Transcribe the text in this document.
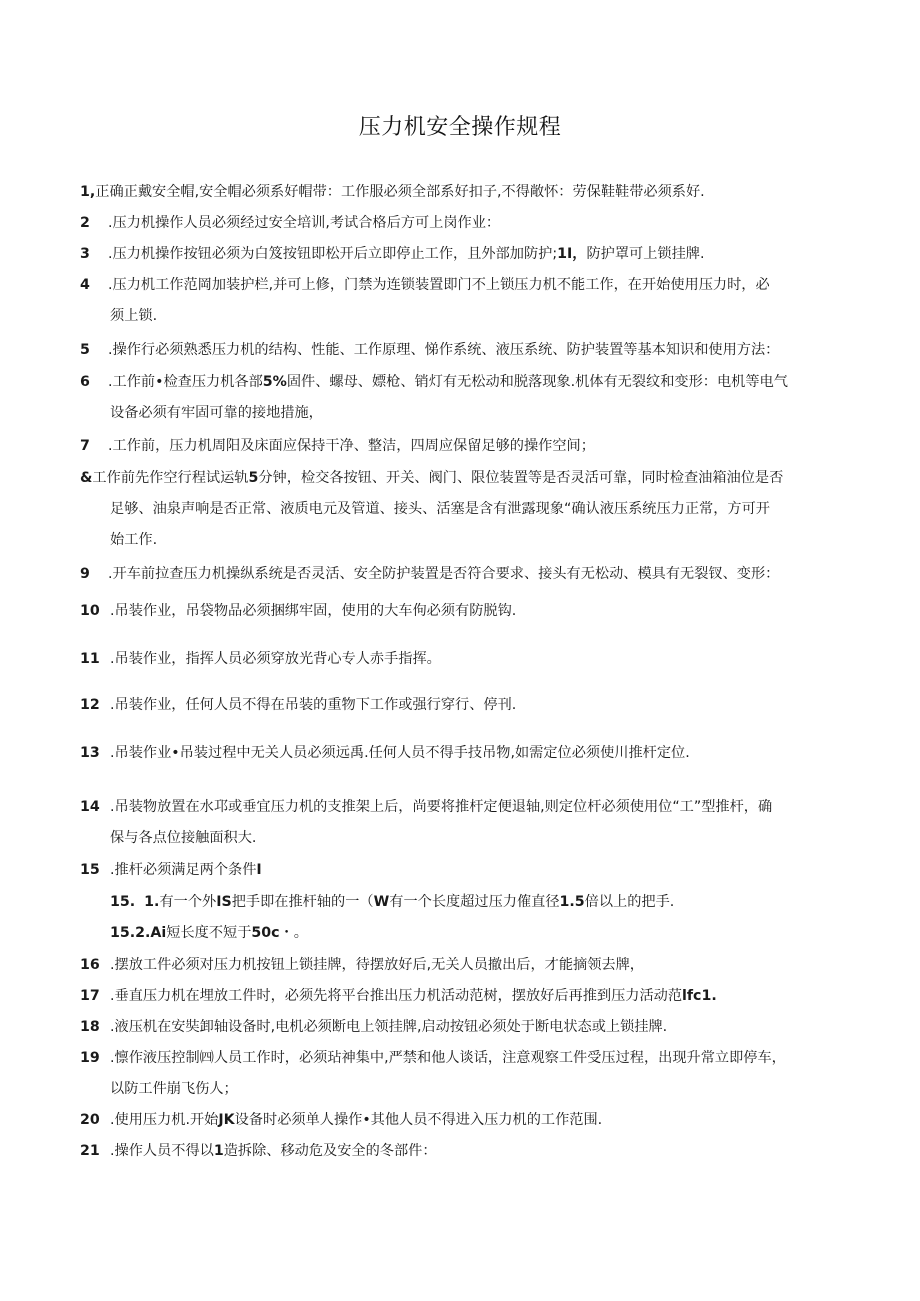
压力机安全操作规程
1,正确正戴安全帽,安全帽必须系好帽带：工作服必须全部系好扣子,不得敞怀：劳保鞋鞋带必须系好.
2 .压力机操作人员必须经过安全培训,考试合格后方可上岗作业：
3 .压力机操作按钮必须为白笈按钮即松开后立即停止工作，且外部加防护;1I，防护罩可上锁挂牌.
4 .压力机工作范岡加装护栏,并可上修，门禁为连锁装置即门不上锁压力机不能工作，在开始使用压力时，必
须上锁.
5 .操作行必须熟悉压力机的结构、性能、工作原理、悌作系统、液压系统、防护装置等基本知识和使用方法：
6 .工作前•检查压力机各部5%固件、螺母、嫖枪、销灯有无松动和脱落现象.机体有无裂纹和变形：电机等电气
设备必须有牢固可靠的接地措施，
7 .工作前，压力机周阳及床面应保持干净、整洁，四周应保留足够的操作空间；
&工作前先作空行程试运轨5分钟，检交各按钮、开关、阀门、限位装置等是否灵活可靠，同时检查油箱油位是否
足够、油泉声响是否正常、液质电元及管道、接头、活塞是含有泄露现象“确认液压系统压力正常，方可开
始工作.
9 .开车前拉查压力机操纵系统是否灵活、安全防护装置是否符合要求、接头有无松动、模具有无裂钗、变形：
10 .吊装作业，吊袋物品必须捆绑牢固，使用的大车佝必须有防脱钩.
11 .吊装作业，指挥人员必须穿放光背心专人赤手指挥。
12 .吊装作业，任何人员不得在吊装的重物下工作或强行穿行、停刊.
13 .吊装作业•吊装过程中无关人员必须远禹.任何人员不得手技吊物,如需定位必须使川推杆定位.
14 .吊装物放置在水邛或垂宜压力机的支推架上后，尚要将推杆定便退轴,则定位杆必须使用位“工”型推杆，确
保与各点位接触面积大.
15 .推杆必须满足两个条件I
15. 1.有一个外IS把手即在推杆轴的一（W有一个长度超过压力傕直径1.5倍以上的把手.
15.2.Ai短长度不短于50c・。
16 .摆放工件必须对压力机按钮上锁挂牌，待摆放好后,无关人员撤出后，才能摘领去牌，
17 .垂直压力机在埋放工件时，必须先将平台推出压力机活动范树，摆放好后再推到压力活动范lfc1.
18 .液压机在安奘卸轴设备时,电机必须断电上领挂牌,启动按钮必须处于断电状态或上锁挂牌.
19 .懔作液压控制㈣人员工作时，必须玷神集中,严禁和他人谈话，注意观察工件受压过程，出现升常立即停车，
以防工件崩飞伤人；
20 .使用压力机.开始JK设备时必须单人操作•其他人员不得进入压力机的工作范围.
21 .操作人员不得以1造拆除、移动危及安全的冬部件：
